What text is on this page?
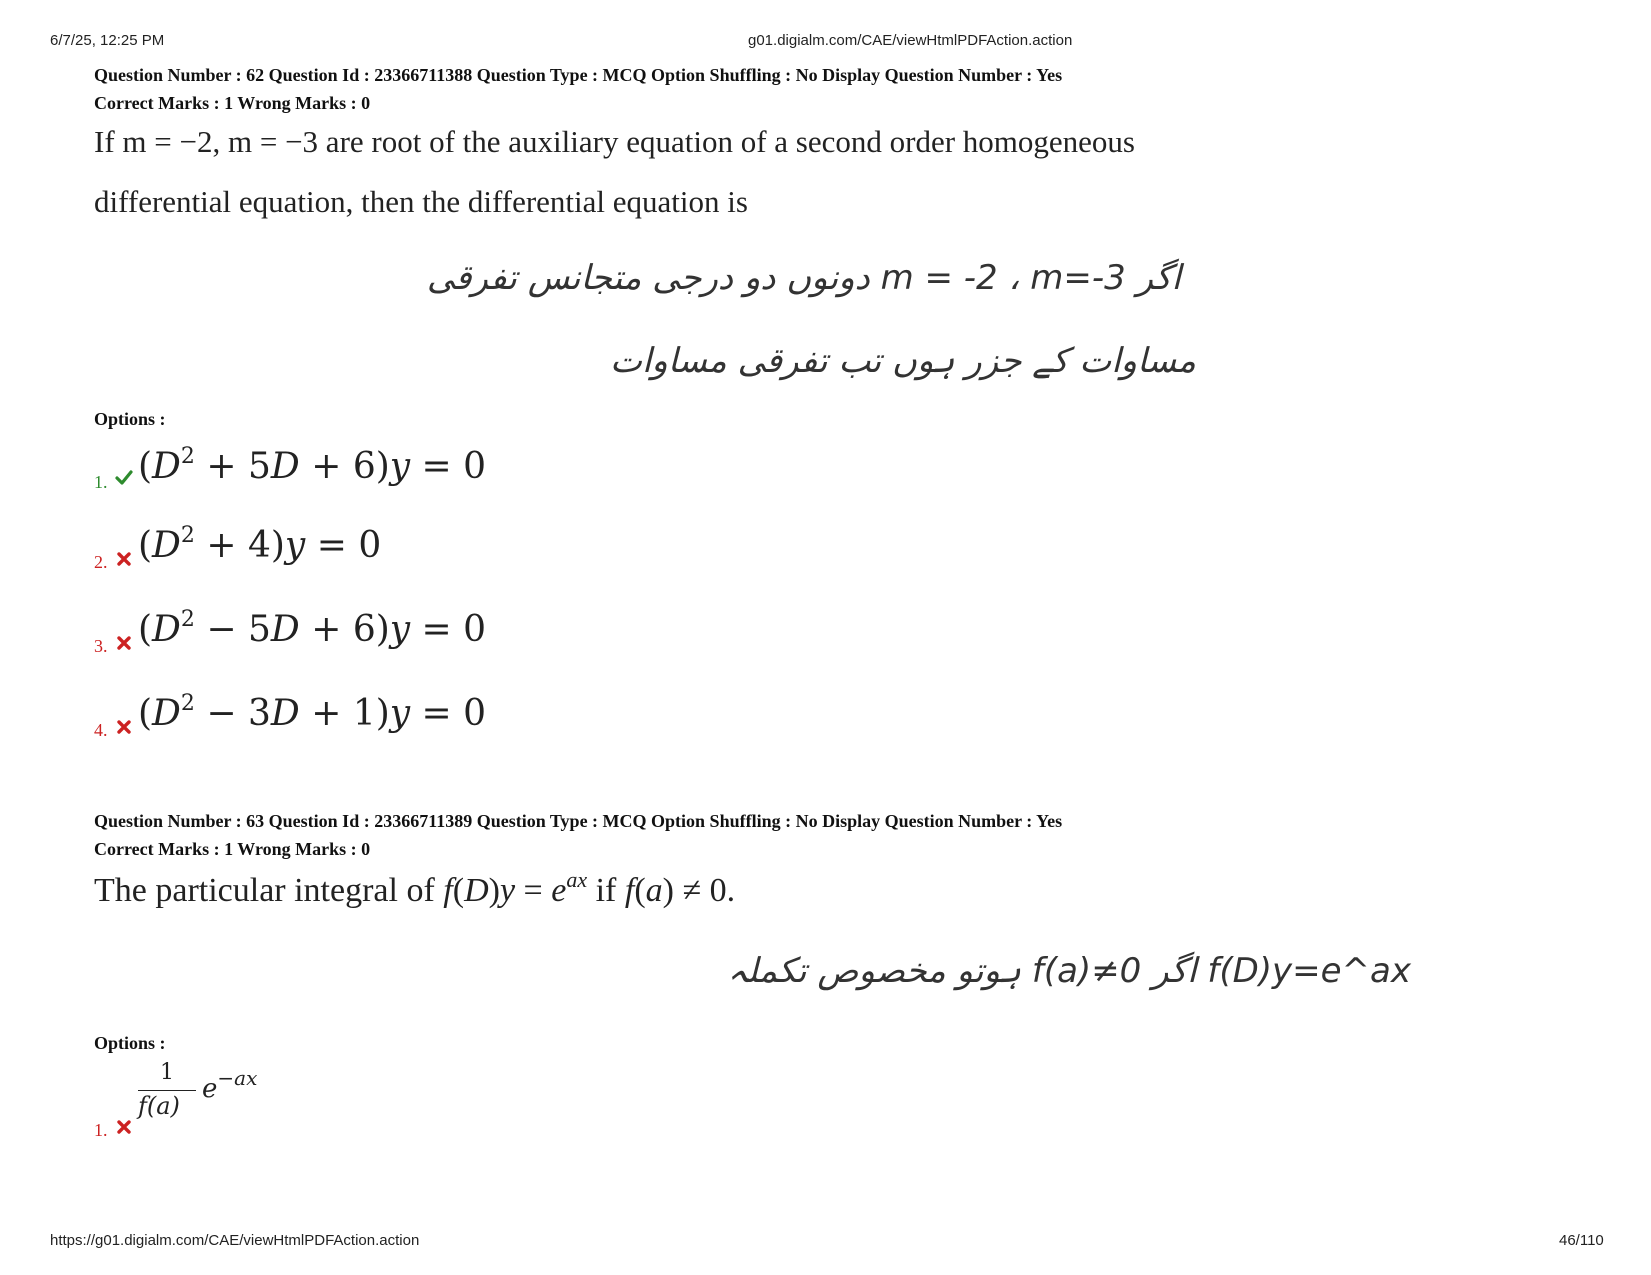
6/7/25, 12:25 PM	g01.digialm.com/CAE/viewHtmlPDFAction.action
Question Number : 62 Question Id : 23366711388 Question Type : MCQ Option Shuffling : No Display Question Number : Yes
Correct Marks : 1 Wrong Marks : 0
If m = −2, m = −3 are root of the auxiliary equation of a second order homogeneous
differential equation, then the differential equation is
اگر m = -2 ، m=-3 دونوں دو درجی متجانس تفرقی
مساوات کے جزر ہوں تب تفرقی مساوات
Options :
1. $(D^2 + 5D + 6)y = 0$
2. $(D^2 + 4)y = 0$
3. $(D^2 - 5D + 6)y = 0$
4. $(D^2 - 3D + 1)y = 0$
Question Number : 63 Question Id : 23366711389 Question Type : MCQ Option Shuffling : No Display Question Number : Yes
Correct Marks : 1 Wrong Marks : 0
The particular integral of $f(D)y = e^{ax}$ if f(a) ≠ 0.
f(D)y=e^ax اگر f(a)≠0 ہوتو مخصوص تکملہ
Options :
1.
1
f(a)
$e^{-ax}$
https://g01.digialm.com/CAE/viewHtmlPDFAction.action	46/110
